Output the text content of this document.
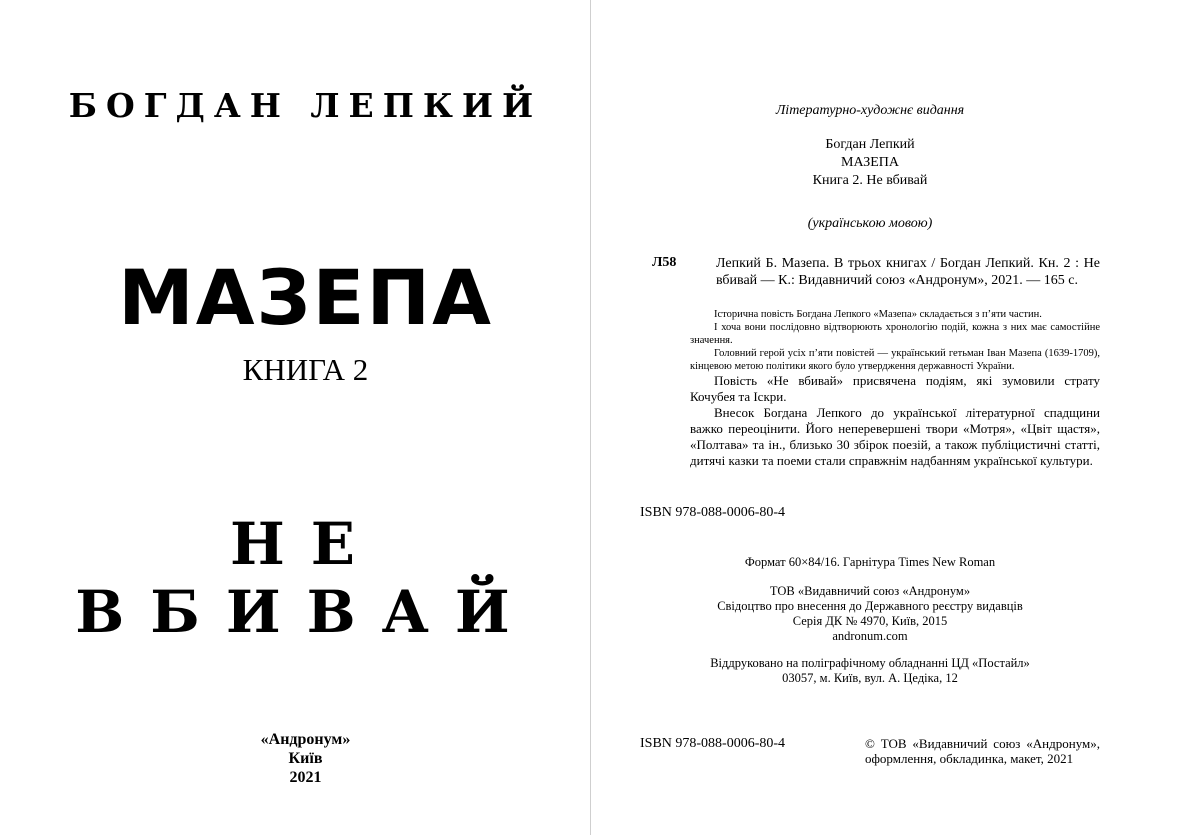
БОГДАН ЛЕПКИЙ
МАЗЕПА
КНИГА 2
НЕ ВБИВАЙ
«Андронум»
Київ
2021
Літературно-художнє видання
Богдан Лепкий
МАЗЕПА
Книга 2. Не вбивай
(українською мовою)
Л58	Лепкий Б. Мазепа. В трьох книгах / Богдан Лепкий. Кн. 2 : Не вбивай — К.: Видавничий союз «Андронум», 2021. — 165 с.

Історична повість Богдана Лепкого «Мазепа» складається з п’яти частин.

І хоча вони послідовно відтворюють хронологію подій, кожна з них має самостійне значення.

Головний герой усіх п’яти повістей — український гетьман Іван Мазепа (1639-1709), кінцевою метою політики якого було утвердження державності України.

Повість «Не вбивай» присвячена подіям, які зумовили страту Кочубея та Іскри.

Внесок Богдана Лепкого до української літературної спадщини важко переоцінити. Його неперевершені твори «Мотря», «Цвіт щастя», «Полтава» та ін., близько 30 збірок поезій, а також публіцистичні статті, дитячі казки та поеми стали справжнім надбанням української культури.

ISBN 978-088-0006-80-4
Формат 60×84/16. Гарнітура Times New Roman
ТОВ «Видавничий союз «Андронум»
Свідоцтво про внесення до Державного реєстру видавців
Серія ДК № 4970, Київ, 2015
andronum.com
Віддруковано на поліграфічному обладнанні ЦД «Постайл»
03057, м. Київ, вул. А. Цедіка, 12
ISBN 978-088-0006-80-4	© ТОВ «Видавничий союз «Андронум», оформлення, обкладинка, макет, 2021
